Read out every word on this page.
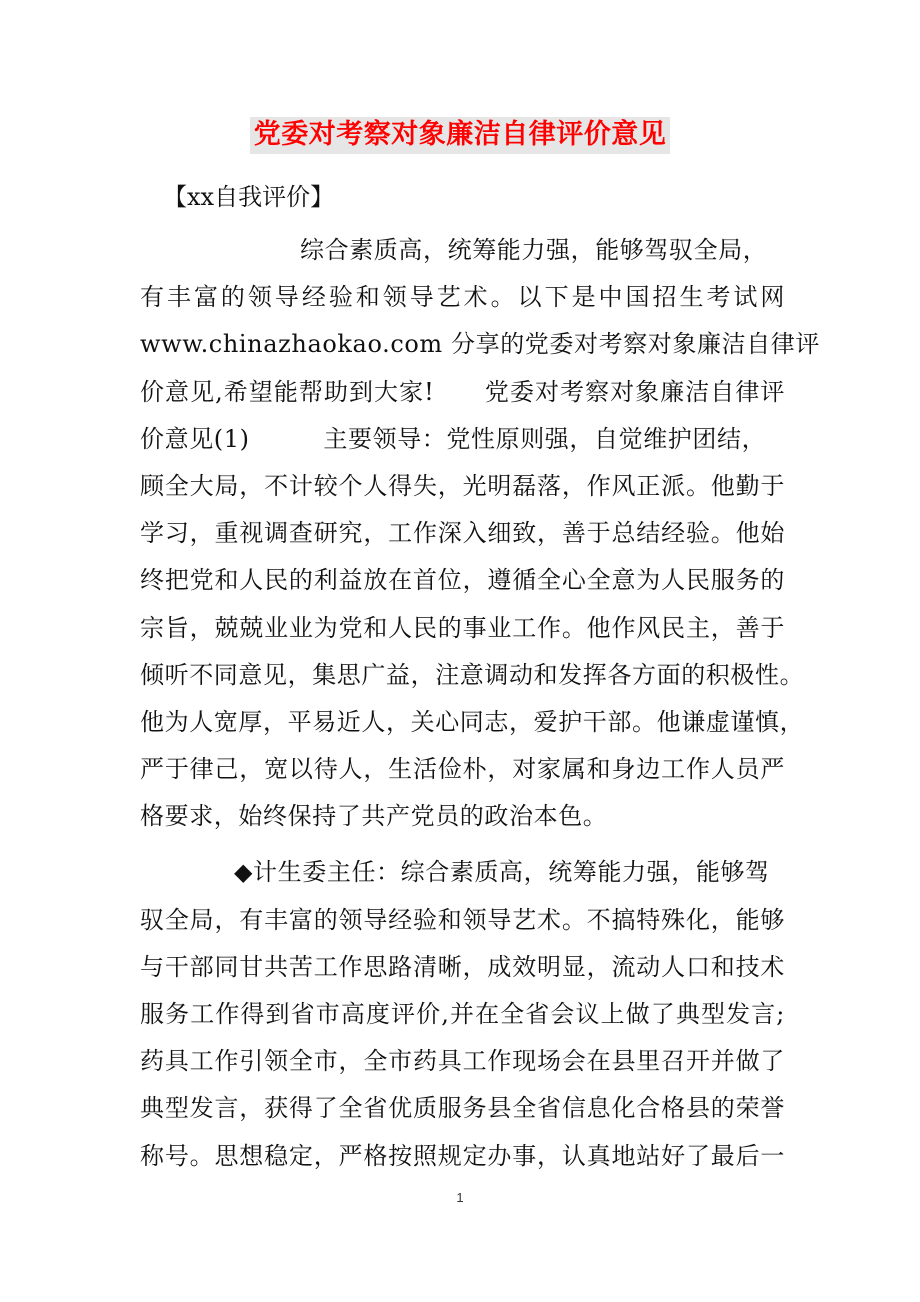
党委对考察对象廉洁自律评价意见
【xx自我评价】
综合素质高，统筹能力强，能够驾驭全局，
有丰富的领导经验和领导艺术。以下是中国招生考试网
www.chinazhaokao.com 分享的党委对考察对象廉洁自律评
价意见,希望能帮助到大家!　　党委对考察对象廉洁自律评
价意见(1)　　　主要领导：党性原则强，自觉维护团结，
顾全大局，不计较个人得失，光明磊落，作风正派。他勤于
学习，重视调查研究，工作深入细致，善于总结经验。他始
终把党和人民的利益放在首位，遵循全心全意为人民服务的
宗旨，兢兢业业为党和人民的事业工作。他作风民主，善于
倾听不同意见，集思广益，注意调动和发挥各方面的积极性。
他为人宽厚，平易近人，关心同志，爱护干部。他谦虚谨慎，
严于律己，宽以待人，生活俭朴，对家属和身边工作人员严
格要求，始终保持了共产党员的政治本色。
◆计生委主任：综合素质高，统筹能力强，能够驾
驭全局，有丰富的领导经验和领导艺术。不搞特殊化，能够
与干部同甘共苦工作思路清晰，成效明显，流动人口和技术
服务工作得到省市高度评价,并在全省会议上做了典型发言;
药具工作引领全市，全市药具工作现场会在县里召开并做了
典型发言，获得了全省优质服务县全省信息化合格县的荣誉
称号。思想稳定，严格按照规定办事，认真地站好了最后一
1
